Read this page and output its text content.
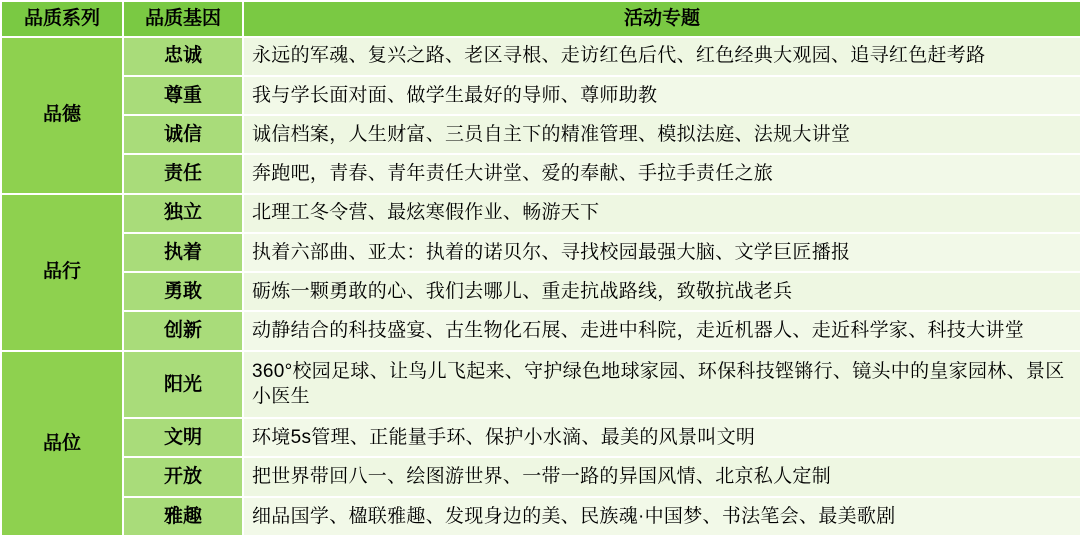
品质系列	品质基因	活动专题
品德	忠诚	永远的军魂、复兴之路、老区寻根、走访红色后代、红色经典大观园、追寻红色赶考路
	尊重	我与学长面对面、做学生最好的导师、尊师助教
	诚信	诚信档案，人生财富、三员自主下的精准管理、模拟法庭、法规大讲堂
	责任	奔跑吧，青春、青年责任大讲堂、爱的奉献、手拉手责任之旅
品行	独立	北理工冬令营、最炫寒假作业、畅游天下
	执着	执着六部曲、亚太：执着的诺贝尔、寻找校园最强大脑、文学巨匠播报
	勇敢	砺炼一颗勇敢的心、我们去哪儿、重走抗战路线，致敬抗战老兵
	创新	动静结合的科技盛宴、古生物化石展、走进中科院，走近机器人、走近科学家、科技大讲堂
品位	阳光	360°校园足球、让鸟儿飞起来、守护绿色地球家园、环保科技铿锵行、镜头中的皇家园林、景区小医生
	文明	环境5s管理、正能量手环、保护小水滴、最美的风景叫文明
	开放	把世界带回八一、绘图游世界、一带一路的异国风情、北京私人定制
	雅趣	细品国学、楹联雅趣、发现身边的美、民族魂·中国梦、书法笔会、最美歌剧
